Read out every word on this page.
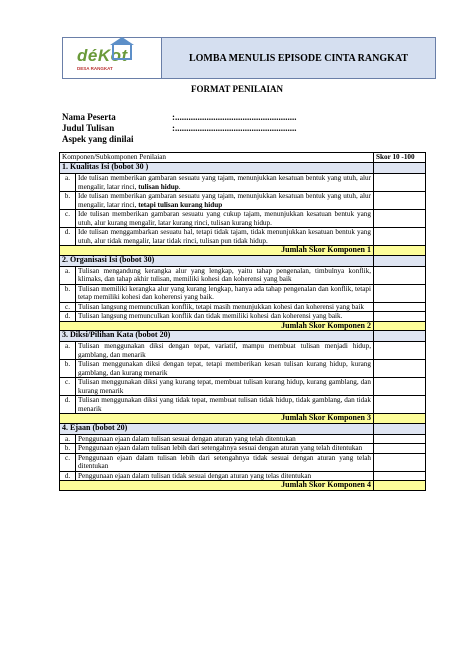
déKot
DESA RANGKAT
LOMBA MENULIS EPISODE CINTA RANGKAT
FORMAT PENILAIAN
Nama Peserta	:......................................................
Judul Tulisan	:......................................................
Aspek yang dinilai
Komponen/Subkomponen Penilaian		Skor 10 -100
1. Kualitas Isi (bobot 30 )		
a.	Ide tulisan memberikan gambaran sesuatu yang tajam, menunjukkan kesatuan bentuk yang utuh, alur mengalir, latar rinci, tulisan hidup.	
b.	Ide tulisan memberikan gambaran sesuatu yang tajam, menunjukkan kesatuan bentuk yang utuh, alur mengalir, latar rinci, tetapi tulisan kurang hidup	
c.	Ide tulisan memberikan gambaran sesuatu yang cukup tajam, menunjukkan kesatuan bentuk yang utuh, alur kurang mengalir, latar kurang rinci, tulisan kurang hidup.	
d.	Ide tulisan menggambarkan sesuatu hal, tetapi tidak tajam, tidak menunjukkan kesatuan bentuk yang utuh, alur tidak mengalir, latar tidak rinci, tulisan pun tidak hidup.	
Jumlah Skor Komponen 1		
2. Organisasi Isi (bobot 30)		
a.	Tulisan mengandung kerangka alur yang lengkap, yaitu tahap pengenalan, timbulnya konflik, klimaks, dan tahap akhir tulisan, memiliki kohesi dan koherensi yang baik	
b.	Tulisan memiliki kerangka alur yang kurang lengkap, hanya ada tahap pengenalan dan konflik, tetapi tetap memiliki kohesi dan koherensi yang baik.	
c.	Tulisan langsung memunculkan konflik, tetapi masih menunjukkan kohesi dan koherensi yang baik	
d.	Tulisan langsung memunculkan konflik dan tidak memiliki kohesi dan koherensi yang baik.	
Jumlah Skor Komponen 2		
3. Diksi/Pilihan Kata (bobot 20)		
a.	Tulisan menggunakan diksi dengan tepat, variatif, mampu membuat tulisan menjadi hidup, gamblang, dan menarik	
b.	Tulisan menggunakan diksi dengan tepat, tetapi memberikan kesan tulisan kurang hidup, kurang gamblang, dan kurang menarik	
c.	Tulisan menggunakan diksi yang kurang tepat, membuat tulisan kurang hidup, kurang gamblang, dan kurang menarik	
d.	Tulisan menggunakan diksi yang tidak tepat, membuat tulisan tidak hidup, tidak gamblang, dan tidak menarik	
Jumlah Skor Komponen 3		
4. Ejaan (bobot 20)		
a.	Penggunaan ejaan dalam tulisan sesuai dengan aturan yang telah ditentukan	
b.	Penggunaan ejaan dalam tulisan lebih dari setengahnya sesuai dengan aturan yang telah ditentukan	
c.	Penggunaan ejaan dalam tulisan lebih dari setengahnya tidak sesuai dengan aturan yang telah ditentukan	
d.	Penggunaan ejaan dalam tulisan tidak sesuai dengan aturan yang telas ditentukan	
Jumlah Skor Komponen 4		
